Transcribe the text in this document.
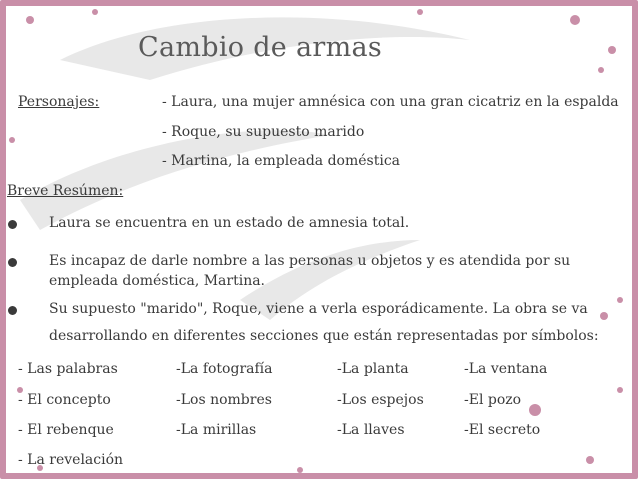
Cambio de armas
Personajes:	- Laura, una mujer amnésica con una gran cicatriz en la espalda
- Roque, su supuesto marido
- Martina, la empleada doméstica
Breve Resúmen:
Laura se encuentra en un estado de amnesia total.
Es incapaz de darle nombre a las personas u objetos y es atendida por su
empleada doméstica, Martina.
Su supuesto "marido", Roque, viene a verla esporádicamente. La obra se va
desarrollando en diferentes secciones que están representadas por símbolos:
- Las palabras	-La fotografía	-La planta	-La ventana
- El concepto	-Los nombres	-Los espejos	-El pozo
- El rebenque	-La mirillas	-La llaves	-El secreto
- La revelación
